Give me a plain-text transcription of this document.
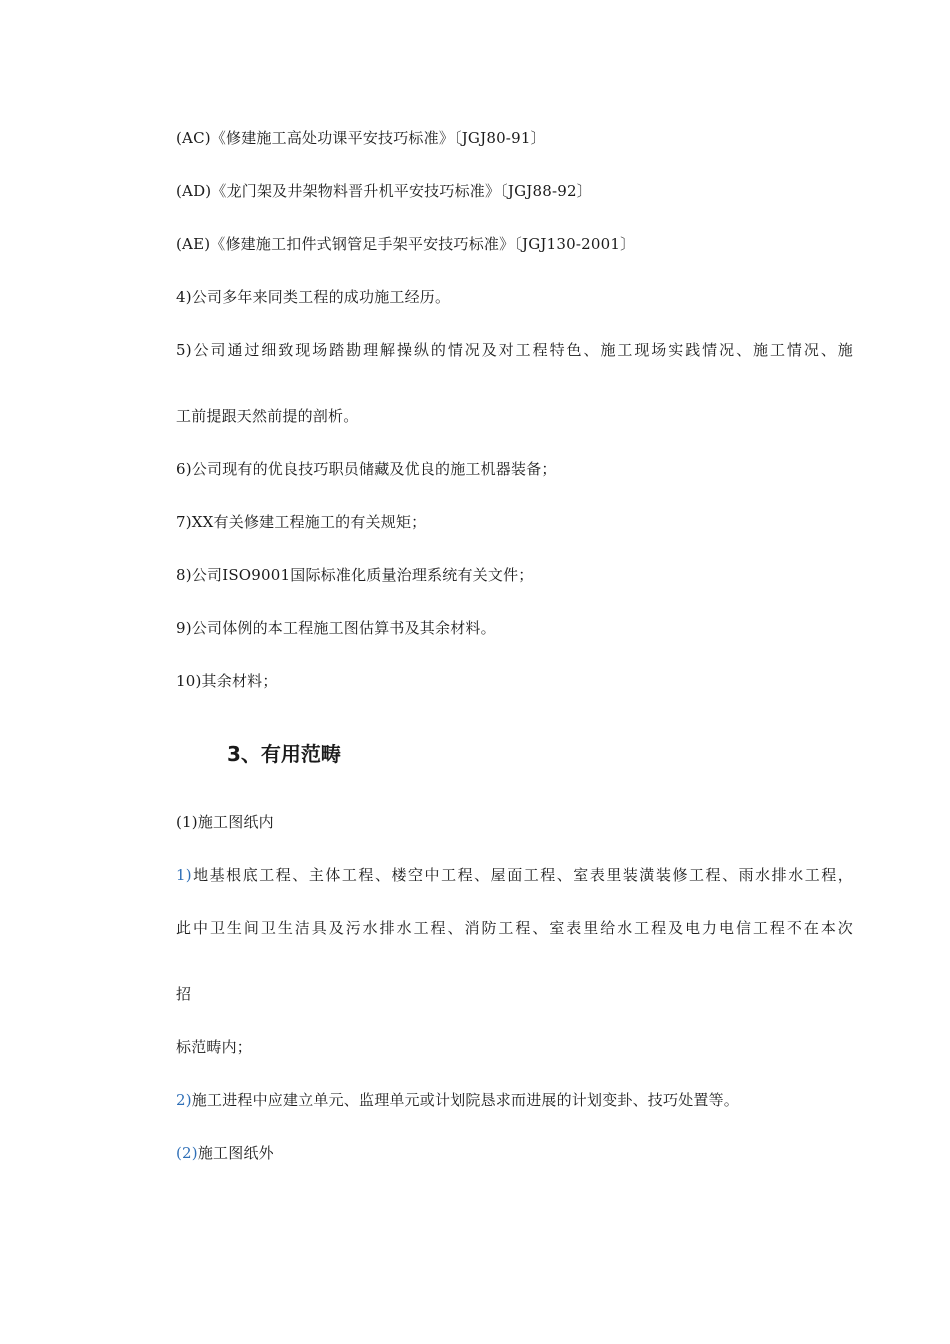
(AC)《修建施工高处功课平安技巧标准》〔JGJ80-91〕
(AD)《龙门架及井架物料晋升机平安技巧标准》〔JGJ88-92〕
(AE)《修建施工扣件式钢管足手架平安技巧标准》〔JGJ130-2001〕
4)公司多年来同类工程的成功施工经历。
5)公司通过细致现场踏勘理解操纵的情况及对工程特色、施工现场实践情况、施工情况、施
工前提跟天然前提的剖析。
6)公司现有的优良技巧职员储藏及优良的施工机器装备；
7)XX有关修建工程施工的有关规矩；
8)公司ISO9001国际标准化质量治理系统有关文件；
9)公司体例的本工程施工图估算书及其余材料。
10)其余材料；
3、有用范畴
(1)施工图纸内
1)地基根底工程、主体工程、楼空中工程、屋面工程、室表里装潢装修工程、雨水排水工程，
此中卫生间卫生洁具及污水排水工程、消防工程、室表里给水工程及电力电信工程不在本次
招
标范畴内；
2)施工进程中应建立单元、监理单元或计划院恳求而进展的计划变卦、技巧处置等。
(2)施工图纸外
